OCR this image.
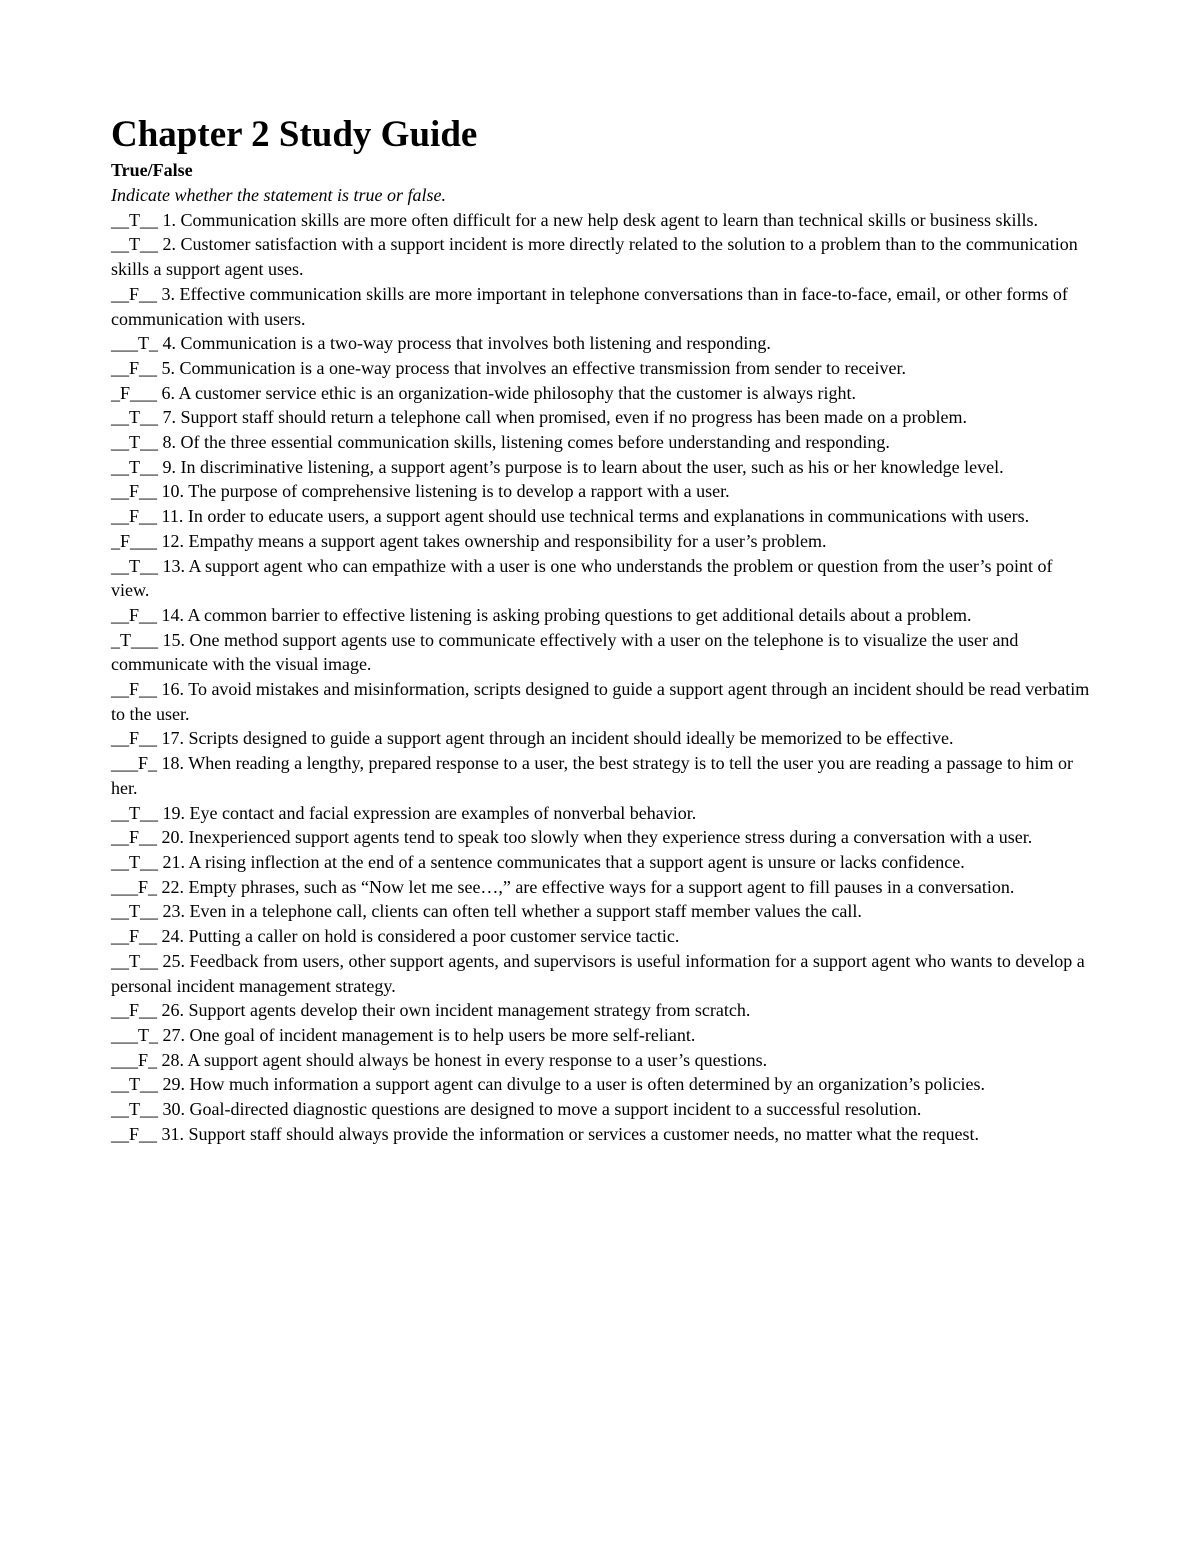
Chapter 2 Study Guide

True/False

Indicate whether the statement is true or false.

__T__ 1. Communication skills are more often difficult for a new help desk agent to learn than technical skills or business skills.
__T__ 2. Customer satisfaction with a support incident is more directly related to the solution to a problem than to the communication skills a support agent uses.
__F__ 3. Effective communication skills are more important in telephone conversations than in face-to-face, email, or other forms of communication with users.
___T_ 4. Communication is a two-way process that involves both listening and responding.
__F__ 5. Communication is a one-way process that involves an effective transmission from sender to receiver.
_F___ 6. A customer service ethic is an organization-wide philosophy that the customer is always right.
__T__ 7. Support staff should return a telephone call when promised, even if no progress has been made on a problem.
__T__ 8. Of the three essential communication skills, listening comes before understanding and responding.
__T__ 9. In discriminative listening, a support agent’s purpose is to learn about the user, such as his or her knowledge level.
__F__ 10. The purpose of comprehensive listening is to develop a rapport with a user.
__F__ 11. In order to educate users, a support agent should use technical terms and explanations in communications with users.
_F___ 12. Empathy means a support agent takes ownership and responsibility for a user’s problem.
__T__ 13. A support agent who can empathize with a user is one who understands the problem or question from the user’s point of view.
__F__ 14. A common barrier to effective listening is asking probing questions to get additional details about a problem.
_T___ 15. One method support agents use to communicate effectively with a user on the telephone is to visualize the user and communicate with the visual image.
__F__ 16. To avoid mistakes and misinformation, scripts designed to guide a support agent through an incident should be read verbatim to the user.
__F__ 17. Scripts designed to guide a support agent through an incident should ideally be memorized to be effective.
___F_ 18. When reading a lengthy, prepared response to a user, the best strategy is to tell the user you are reading a passage to him or her.
__T__ 19. Eye contact and facial expression are examples of nonverbal behavior.
__F__ 20. Inexperienced support agents tend to speak too slowly when they experience stress during a conversation with a user.
__T__ 21. A rising inflection at the end of a sentence communicates that a support agent is unsure or lacks confidence.
___F_ 22. Empty phrases, such as “Now let me see…,” are effective ways for a support agent to fill pauses in a conversation.
__T__ 23. Even in a telephone call, clients can often tell whether a support staff member values the call.
__F__ 24. Putting a caller on hold is considered a poor customer service tactic.
__T__ 25. Feedback from users, other support agents, and supervisors is useful information for a support agent who wants to develop a personal incident management strategy.
__F__ 26. Support agents develop their own incident management strategy from scratch.
___T_ 27. One goal of incident management is to help users be more self-reliant.
___F_ 28. A support agent should always be honest in every response to a user’s questions.
__T__ 29. How much information a support agent can divulge to a user is often determined by an organization’s policies.
__T__ 30. Goal-directed diagnostic questions are designed to move a support incident to a successful resolution.
__F__ 31. Support staff should always provide the information or services a customer needs, no matter what the request.
